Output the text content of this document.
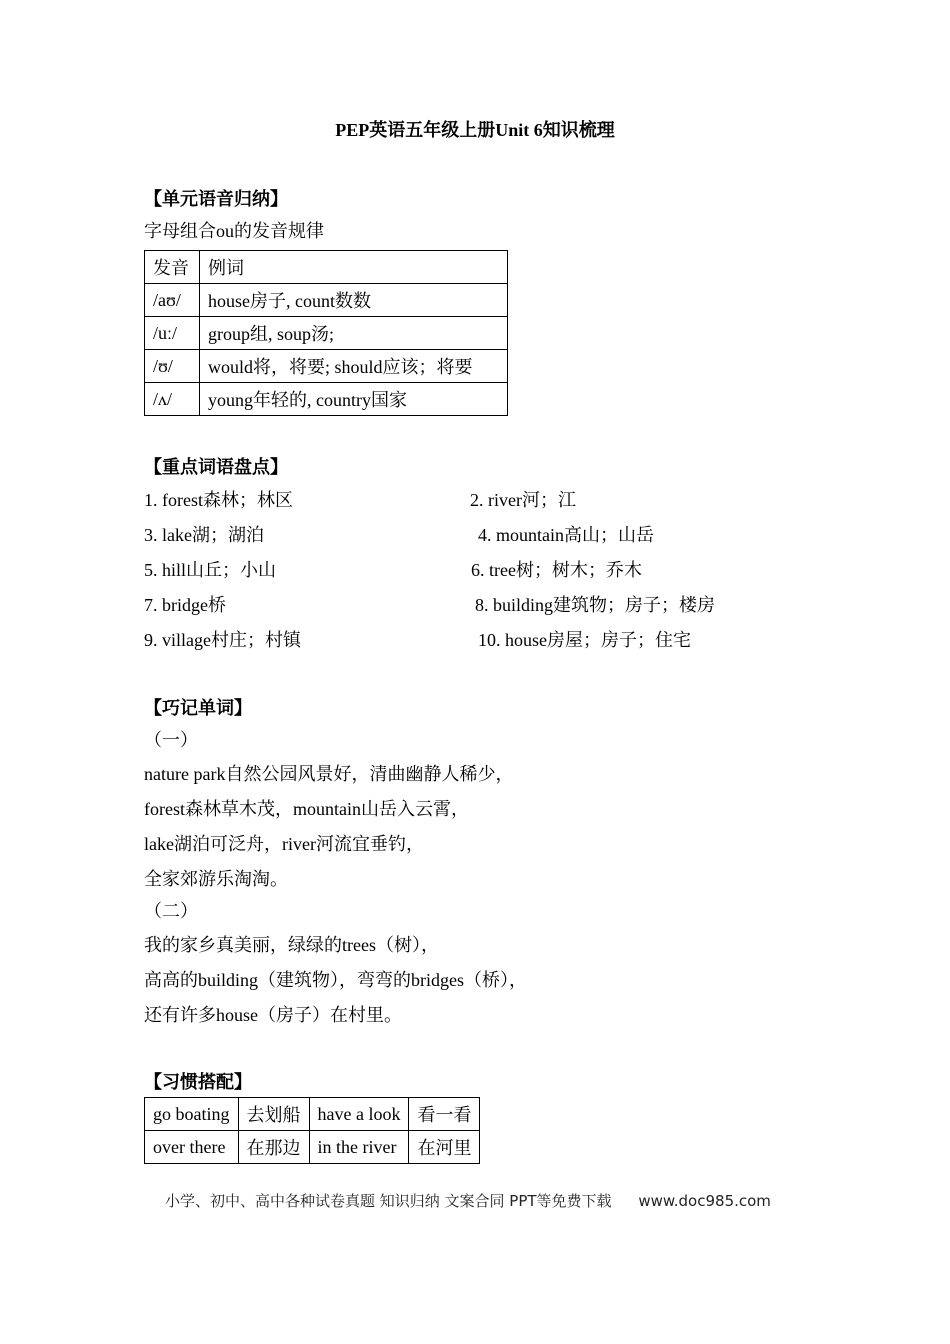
PEP英语五年级上册Unit 6知识梳理
【单元语音归纳】
字母组合ou的发音规律
发音	例词
/aʊ/	house房子, count数数
/uː/	group组, soup汤;
/ʊ/	would将，将要; should应该；将要
/ʌ/	young年轻的, country国家
【重点词语盘点】
1. forest森林；林区	2. river河；江
3. lake湖；湖泊	4. mountain高山；山岳
5. hill山丘；小山	6. tree树；树木；乔木
7. bridge桥	8. building建筑物；房子；楼房
9. village村庄；村镇	10. house房屋；房子；住宅
【巧记单词】
（一）
nature park自然公园风景好，清曲幽静人稀少，
forest森林草木茂，mountain山岳入云霄，
lake湖泊可泛舟，river河流宜垂钓，
全家郊游乐淘淘。
（二）
我的家乡真美丽，绿绿的trees（树），
高高的building（建筑物），弯弯的bridges（桥），
还有许多house（房子）在村里。
【习惯搭配】
go boating	去划船	have a look	看一看
over there	在那边	in the river	在河里
小学、初中、高中各种试卷真题 知识归纳 文案合同 PPT等免费下载 www.doc985.com
